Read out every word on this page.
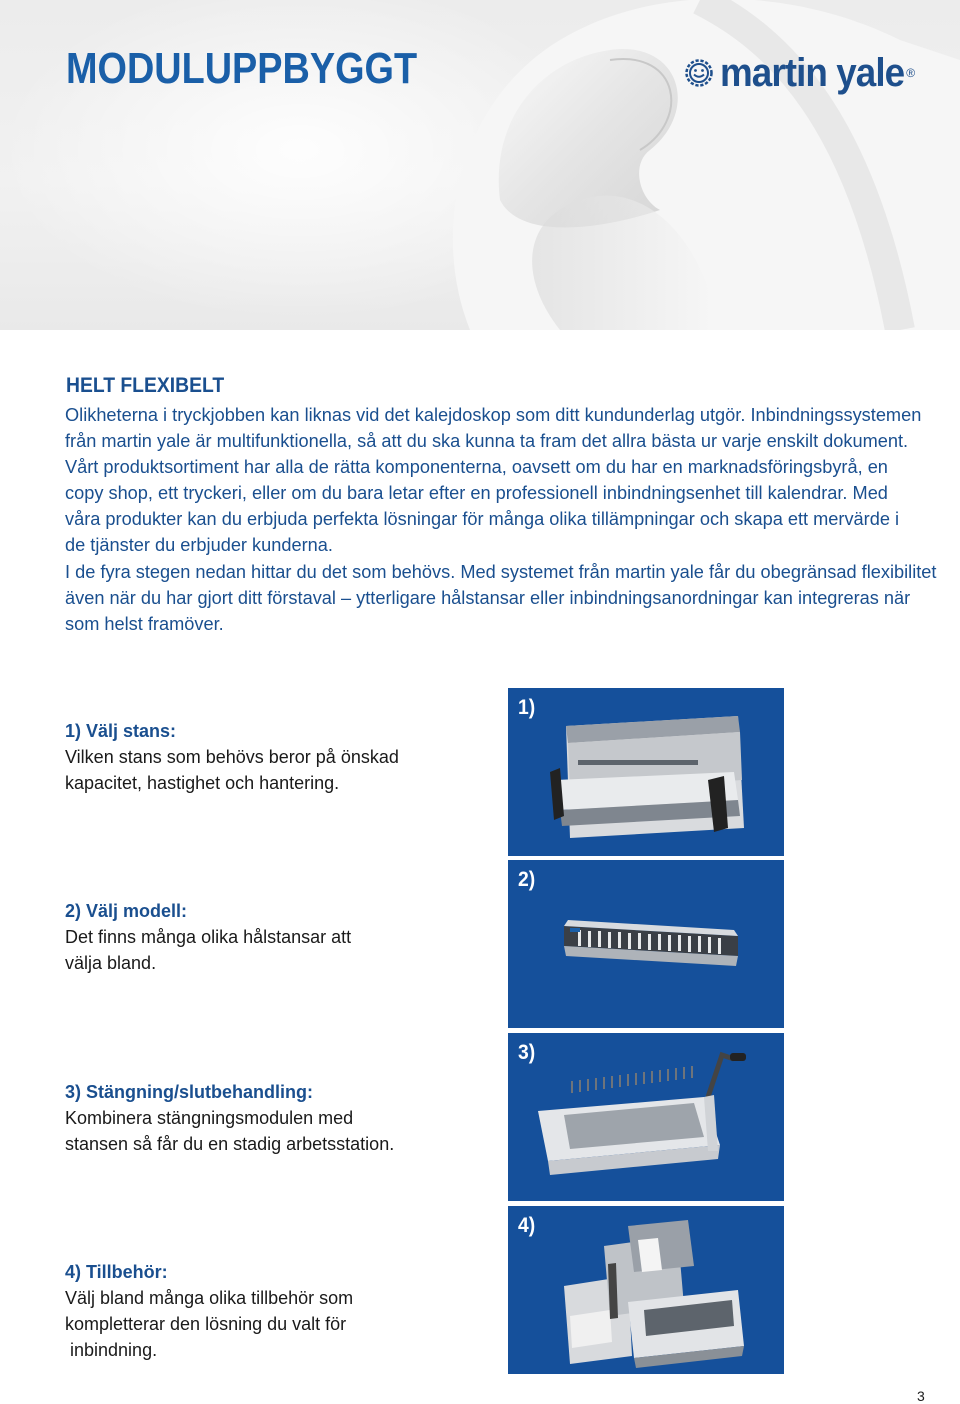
MODULUPPBYGGT	martin yale ®
HELT FLEXIBELT

Olikheterna i tryckjobben kan liknas vid det kalejdoskop som ditt kundunderlag utgör. Inbindningssystemen
från martin yale är multifunktionella, så att du ska kunna ta fram det allra bästa ur varje enskilt dokument.
Vårt produktsortiment har alla de rätta komponenterna, oavsett om du har en marknadsföringsbyrå, en
copy shop, ett tryckeri, eller om du bara letar efter en professionell inbindningsenhet till kalendrar. Med
våra produkter kan du erbjuda perfekta lösningar för många olika tillämpningar och skapa ett mervärde i
de tjänster du erbjuder kunderna.
I de fyra stegen nedan hittar du det som behövs. Med systemet från martin yale får du obegränsad flexibilitet
även när du har gjort ditt förstaval – ytterligare hålstansar eller inbindningsanordningar kan integreras när
som helst framöver.

1) Välj stans:

Vilken stans som behövs beror på önskad
kapacitet, hastighet och hantering.

1)

2) Välj modell:

Det finns många olika hålstansar att
välja bland.

2)

3) Stängning/slutbehandling:

Kombinera stängningsmodulen med
stansen så får du en stadig arbetsstation.

3)

4) Tillbehör:

Välj bland många olika tillbehör som
kompletterar den lösning du valt för
inbindning.

4)
3
